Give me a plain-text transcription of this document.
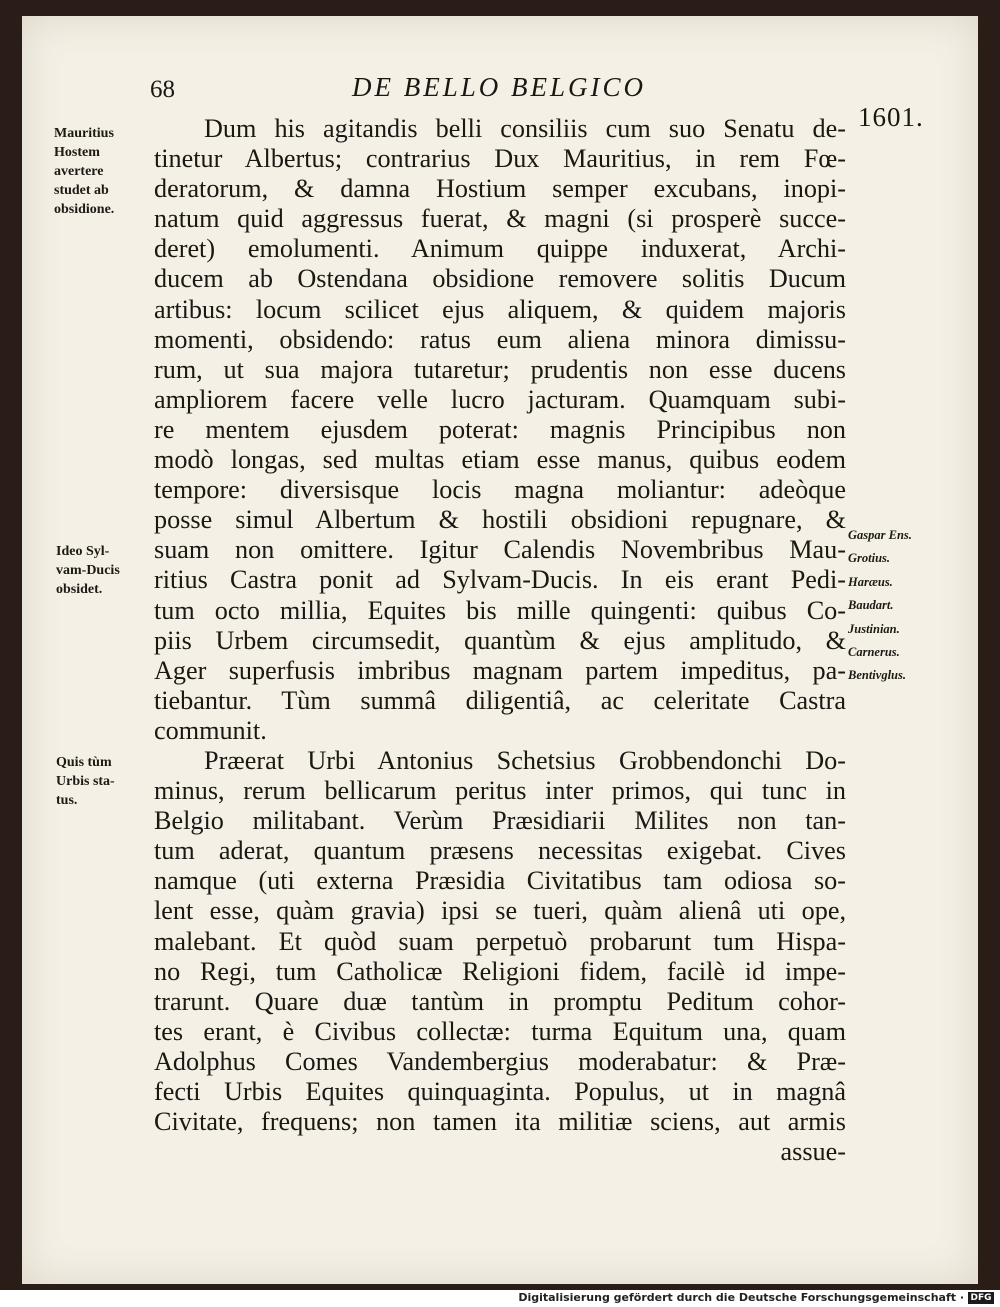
68	DE BELLO BELGICO
1601.
Mauritius
Hostem
avertere
studet ab
obsidione.
Ideo Syl-
vam-Ducis
obsidet.
Quis tùm
Urbis sta-
tus.
Gaspar Ens.
Grotius.
Haræus.
Baudart.
Justinian.
Carnerus.
Bentivglus.
Dum his agitandis belli consiliis cum suo Senatu de-
tinetur Albertus; contrarius Dux Mauritius, in rem Fœ-
deratorum, & damna Hostium semper excubans, inopi-
natum quid aggressus fuerat, & magni (si prosperè succe-
deret) emolumenti. Animum quippe induxerat, Archi-
ducem ab Ostendana obsidione removere solitis Ducum
artibus: locum scilicet ejus aliquem, & quidem majoris
momenti, obsidendo: ratus eum aliena minora dimissu-
rum, ut sua majora tutaretur; prudentis non esse ducens
ampliorem facere velle lucro jacturam. Quamquam subi-
re mentem ejusdem poterat: magnis Principibus non
modò longas, sed multas etiam esse manus, quibus eodem
tempore: diversisque locis magna moliantur: adeòque
posse simul Albertum & hostili obsidioni repugnare, &
suam non omittere. Igitur Calendis Novembribus Mau-
ritius Castra ponit ad Sylvam-Ducis. In eis erant Pedi-
tum octo millia, Equites bis mille quingenti: quibus Co-
piis Urbem circumsedit, quantùm & ejus amplitudo, &
Ager superfusis imbribus magnam partem impeditus, pa-
tiebantur. Tùm summâ diligentiâ, ac celeritate Castra
communit.
Præerat Urbi Antonius Schetsius Grobbendonchi Do-
minus, rerum bellicarum peritus inter primos, qui tunc in
Belgio militabant. Verùm Præsidiarii Milites non tan-
tum aderat, quantum præsens necessitas exigebat. Cives
namque (uti externa Præsidia Civitatibus tam odiosa so-
lent esse, quàm gravia) ipsi se tueri, quàm alienâ uti ope,
malebant. Et quòd suam perpetuò probarunt tum Hispa-
no Regi, tum Catholicæ Religioni fidem, facilè id impe-
trarunt. Quare duæ tantùm in promptu Peditum cohor-
tes erant, è Civibus collectæ: turma Equitum una, quam
Adolphus Comes Vandembergius moderabatur: & Præ-
fecti Urbis Equites quinquaginta. Populus, ut in magnâ
Civitate, frequens; non tamen ita militiæ sciens, aut armis
assue-
Digitalisierung gefördert durch die Deutsche Forschungsgemeinschaft · DFG
